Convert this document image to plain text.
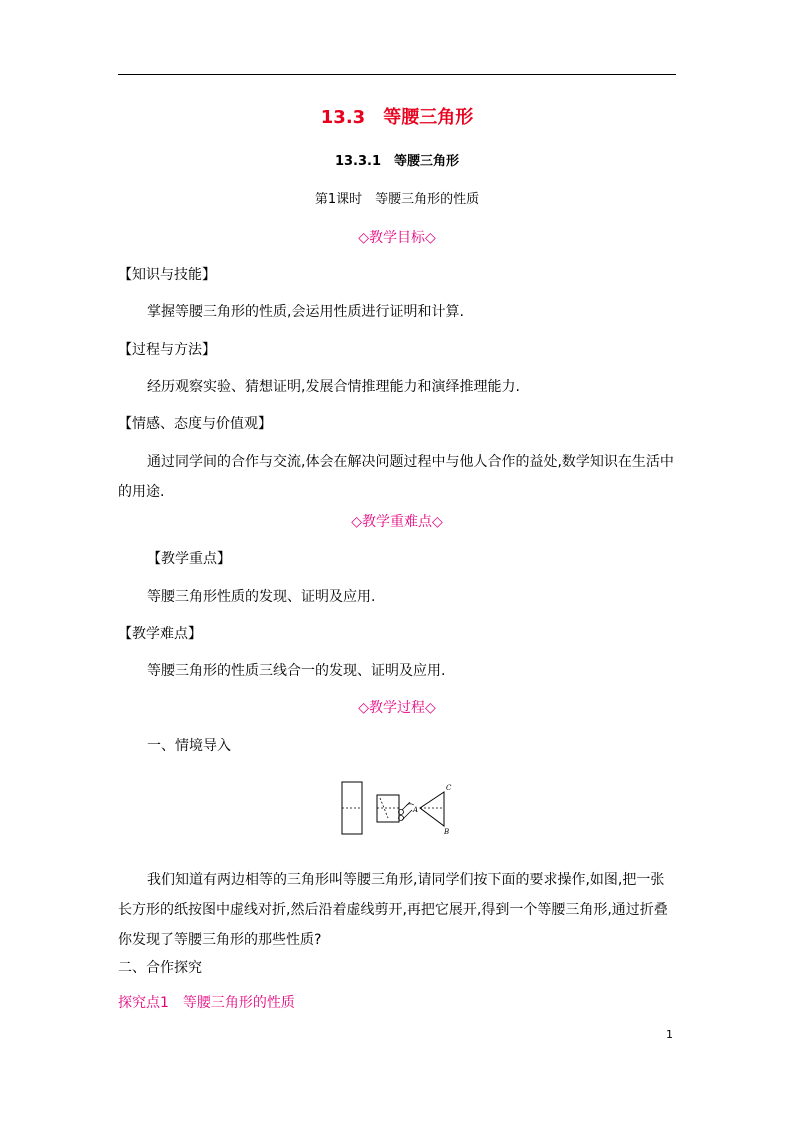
13.3　等腰三角形
13.3.1　等腰三角形
第1课时　等腰三角形的性质
◇教学目标◇
【知识与技能】
掌握等腰三角形的性质,会运用性质进行证明和计算.
【过程与方法】
经历观察实验、猜想证明,发展合情推理能力和演绎推理能力.
【情感、态度与价值观】
通过同学间的合作与交流,体会在解决问题过程中与他人合作的益处,数学知识在生活中的用途.
◇教学重难点◇
【教学重点】
等腰三角形性质的发现、证明及应用.
【教学难点】
等腰三角形的性质三线合一的发现、证明及应用.
◇教学过程◇
一、情境导入
A
B
C
我们知道有两边相等的三角形叫等腰三角形,请同学们按下面的要求操作,如图,把一张长方形的纸按图中虚线对折,然后沿着虚线剪开,再把它展开,得到一个等腰三角形,通过折叠你发现了等腰三角形的那些性质?
二、合作探究
探究点1　等腰三角形的性质
1
